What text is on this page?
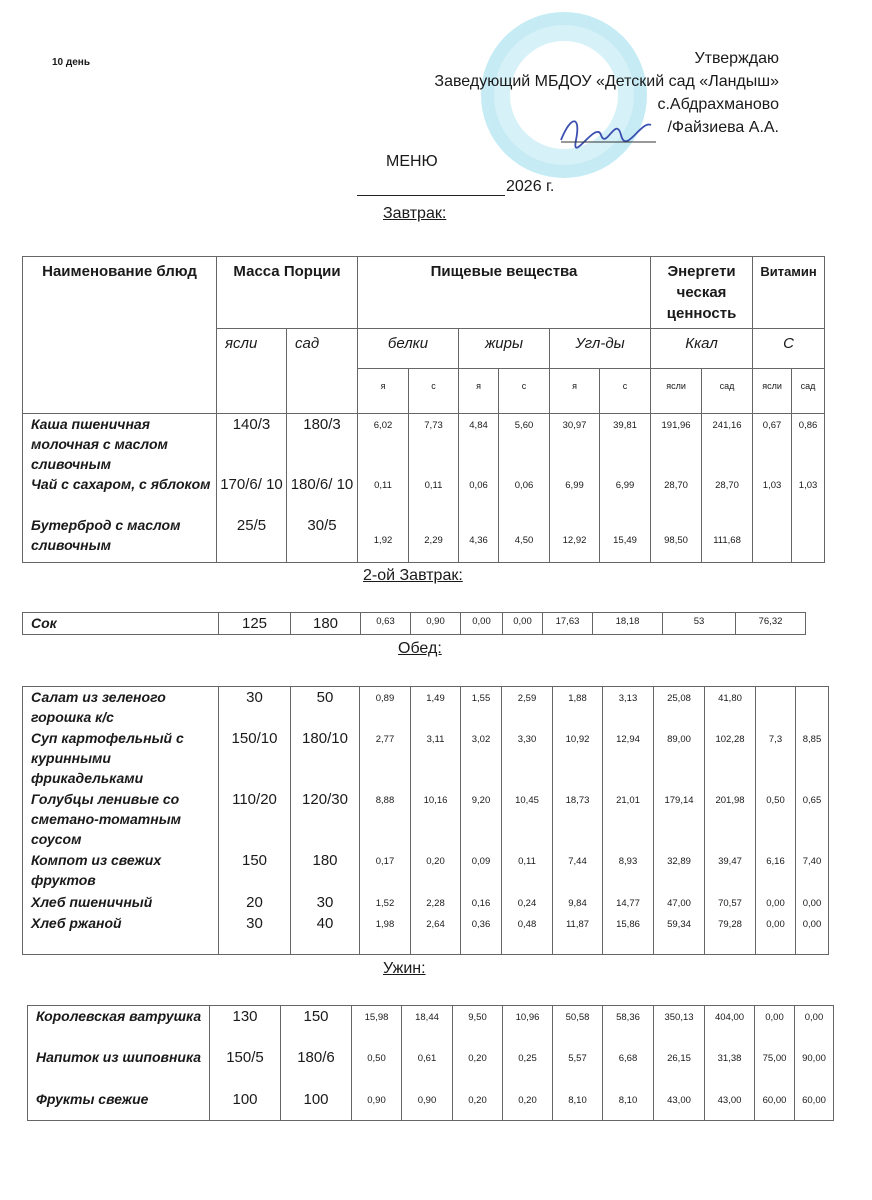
10 день	Утверждаю
Заведующий МБДОУ «Детский сад «Ландыш»
с.Абдрахманово
/Файзиева А.А.
МЕНЮ
2026 г.
Завтрак:
Наименование блюд	Масса Порции		Пищевые вещества						Энергети ческая ценность		Витамин	
	ясли	сад	белки		жиры		Угл-ды		Ккал		С	
			я	с	я	с	я	с	ясли	сад	ясли	сад
Каша пшеничная молочная с маслом сливочным	140/3	180/3	6,02	7,73	4,84	5,60	30,97	39,81	191,96	241,16	0,67	0,86
Чай с сахаром, с яблоком	170/6/ 10	180/6/ 10	0,11	0,11	0,06	0,06	6,99	6,99	28,70	28,70	1,03	1,03
Бутерброд с маслом сливочным	25/5	30/5	1,92	2,29	4,36	4,50	12,92	15,49	98,50	111,68		
2-ой Завтрак:
Сок	125	180	0,63	0,90	0,00	0,00	17,63	18,18	53	76,32
Обед:
Салат из зеленого горошка к/с	30	50	0,89	1,49	1,55	2,59	1,88	3,13	25,08	41,80		
Суп картофельный с куринными фрикадельками	150/10	180/10	2,77	3,11	3,02	3,30	10,92	12,94	89,00	102,28	7,3	8,85
Голубцы ленивые со сметано-томатным соусом	110/20	120/30	8,88	10,16	9,20	10,45	18,73	21,01	179,14	201,98	0,50	0,65
Компот из свежих фруктов	150	180	0,17	0,20	0,09	0,11	7,44	8,93	32,89	39,47	6,16	7,40
Хлеб пшеничный	20	30	1,52	2,28	0,16	0,24	9,84	14,77	47,00	70,57	0,00	0,00
Хлеб ржаной	30	40	1,98	2,64	0,36	0,48	11,87	15,86	59,34	79,28	0,00	0,00
Ужин:
Королевская ватрушка	130	150	15,98	18,44	9,50	10,96	50,58	58,36	350,13	404,00	0,00	0,00
Напиток из шиповника	150/5	180/6	0,50	0,61	0,20	0,25	5,57	6,68	26,15	31,38	75,00	90,00
Фрукты свежие	100	100	0,90	0,90	0,20	0,20	8,10	8,10	43,00	43,00	60,00	60,00
